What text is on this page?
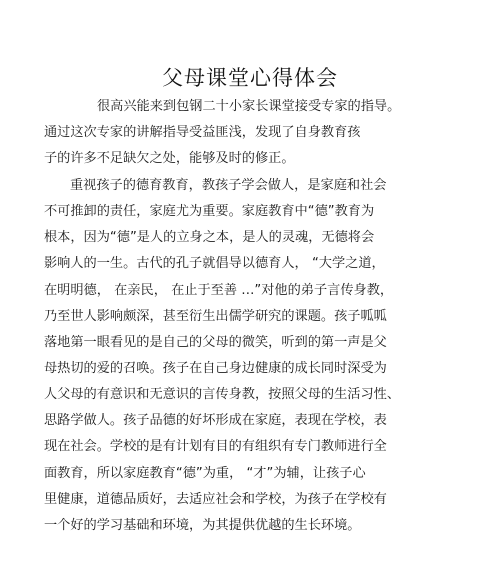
父母课堂心得体会
很高兴能来到包钢二十小家长课堂接受专家的指导。
通过这次专家的讲解指导受益匪浅，发现了自身教育孩
子的许多不足缺欠之处，能够及时的修正。
重视孩子的德育教育，教孩子学会做人，是家庭和社会
不可推卸的责任，家庭尤为重要。家庭教育中“德”教育为
根本，因为“德”是人的立身之本，是人的灵魂，无德将会
影响人的一生。古代的孔子就倡导以德育人， “大学之道，
在明明德， 在亲民， 在止于至善 …”对他的弟子言传身教，
乃至世人影响颇深，甚至衍生出儒学研究的课题。孩子呱呱
落地第一眼看见的是自己的父母的微笑，听到的第一声是父
母热切的爱的召唤。孩子在自己身边健康的成长同时深受为
人父母的有意识和无意识的言传身教，按照父母的生活习性、
思路学做人。孩子品德的好坏形成在家庭，表现在学校，表
现在社会。学校的是有计划有目的有组织有专门教师进行全
面教育，所以家庭教育“德”为重， “才”为辅，让孩子心
里健康，道德品质好，去适应社会和学校，为孩子在学校有
一个好的学习基础和环境，为其提供优越的生长环境。
